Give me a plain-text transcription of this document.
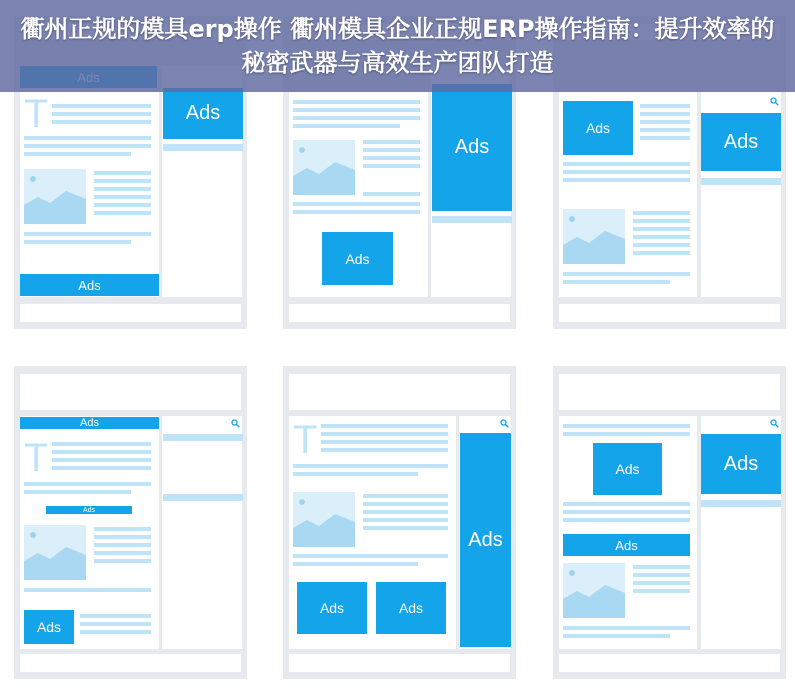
衢州正规的模具erp操作 衢州模具企业正规ERP操作指南：提升效率的秘密武器与高效生产团队打造
Ads
T
Ads
Ads
Ads
Ads
Ads
Ads
T
Ads
Ads
Ads
T
Ads	Ads
Ads
Ads
Ads
